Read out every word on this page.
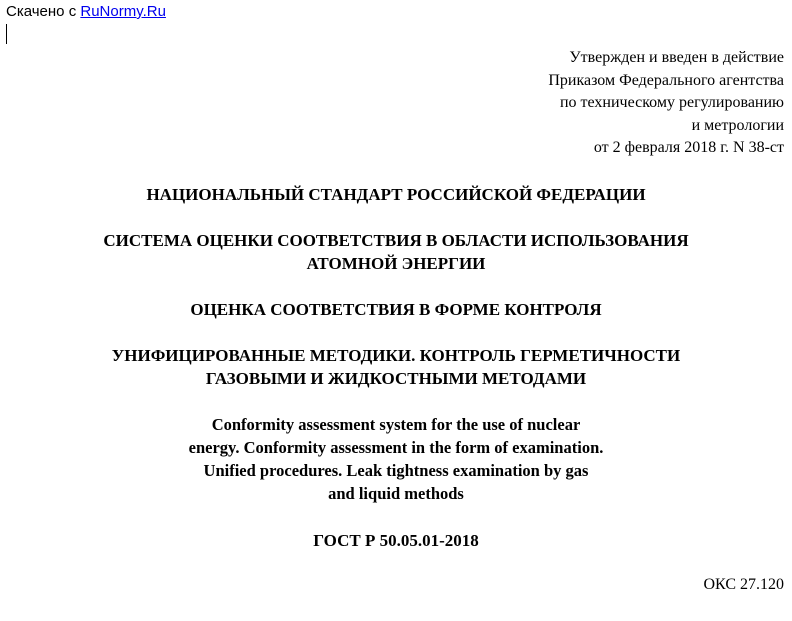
Скачено с RuNormy.Ru
Утвержден и введен в действие
Приказом Федерального агентства
по техническому регулированию
и метрологии
от 2 февраля 2018 г. N 38-ст
НАЦИОНАЛЬНЫЙ СТАНДАРТ РОССИЙСКОЙ ФЕДЕРАЦИИ
СИСТЕМА ОЦЕНКИ СООТВЕТСТВИЯ В ОБЛАСТИ ИСПОЛЬЗОВАНИЯ
АТОМНОЙ ЭНЕРГИИ
ОЦЕНКА СООТВЕТСТВИЯ В ФОРМЕ КОНТРОЛЯ
УНИФИЦИРОВАННЫЕ МЕТОДИКИ. КОНТРОЛЬ ГЕРМЕТИЧНОСТИ
ГАЗОВЫМИ И ЖИДКОСТНЫМИ МЕТОДАМИ
Conformity assessment system for the use of nuclear
energy. Conformity assessment in the form of examination.
Unified procedures. Leak tightness examination by gas
and liquid methods
ГОСТ Р 50.05.01-2018
ОКС 27.120
